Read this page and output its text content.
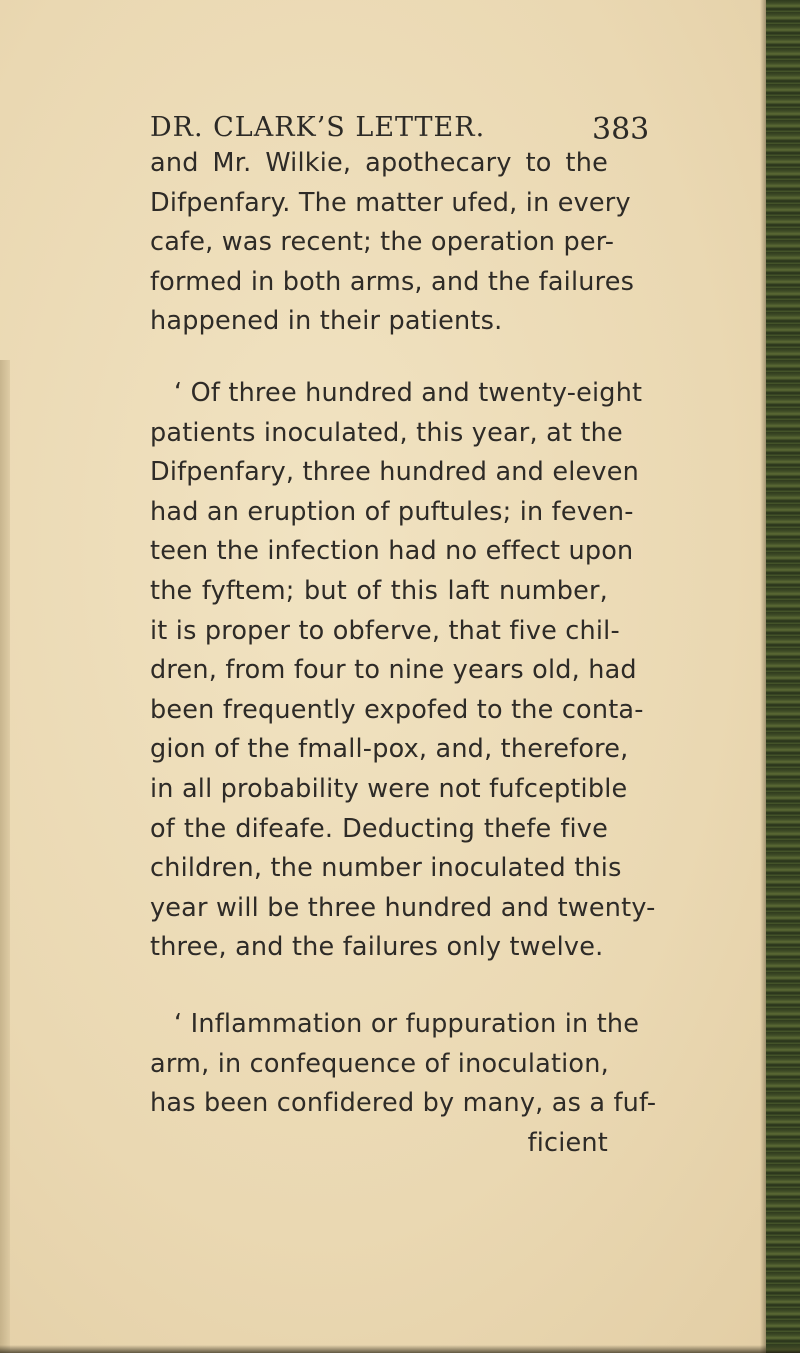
DR. CLARK’S LETTER.	383
and Mr. Wilkie, apothecary to the
Difpenfary. The matter ufed, in every
cafe, was recent; the operation per-
formed in both arms, and the failures
happened in their patients.
‘ Of three hundred and twenty-eight
patients inoculated, this year, at the
Difpenfary, three hundred and eleven
had an eruption of puftules; in feven-
teen the infection had no effect upon
the fyftem; but of this laft number,
it is proper to obferve, that five chil-
dren, from four to nine years old, had
been frequently expofed to the conta-
gion of the fmall-pox, and, therefore,
in all probability were not fufceptible
of the difeafe. Deducting thefe five
children, the number inoculated this
year will be three hundred and twenty-
three, and the failures only twelve.
‘ Inflammation or fuppuration in the
arm, in confequence of inoculation,
has been confidered by many, as a fuf-
ficient
